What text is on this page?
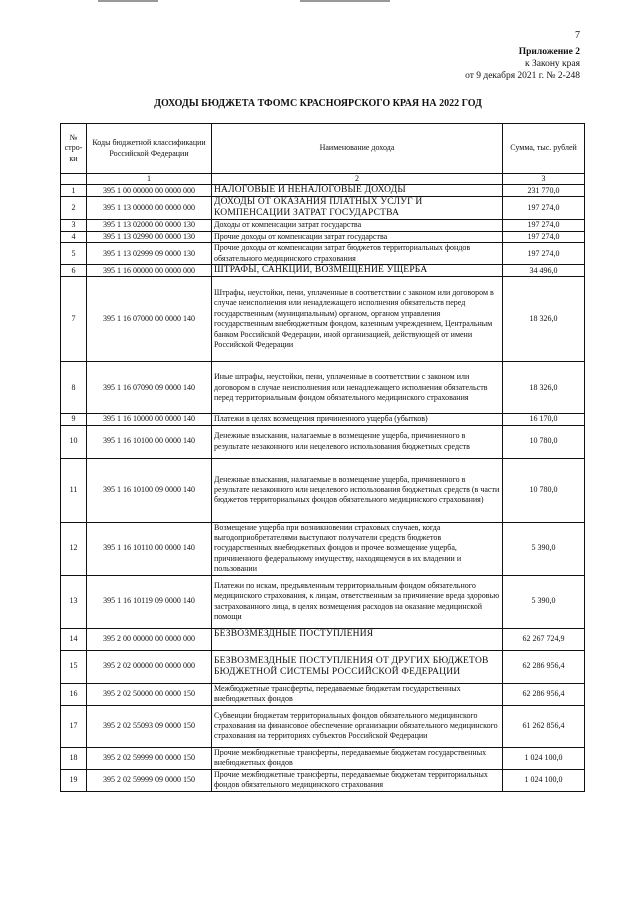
7
Приложение 2
к Закону края
от 9 декабря 2021 г. № 2-248
ДОХОДЫ БЮДЖЕТА ТФОМС КРАСНОЯРСКОГО КРАЯ НА 2022 ГОД
№ стро-ки	Коды бюджетной классификации Российской Федерации	Наименование дохода	Сумма, тыс. рублей
	1	2	3
1	395 1 00 00000 00 0000 000	НАЛОГОВЫЕ И НЕНАЛОГОВЫЕ ДОХОДЫ	231 770,0
2	395 1 13 00000 00 0000 000	ДОХОДЫ ОТ ОКАЗАНИЯ ПЛАТНЫХ УСЛУГ И КОМПЕНСАЦИИ ЗАТРАТ ГОСУДАРСТВА	197 274,0
3	395 1 13 02000 00 0000 130	Доходы от компенсации затрат государства	197 274,0
4	395 1 13 02990 00 0000 130	Прочие доходы от компенсации затрат государства	197 274,0
5	395 1 13 02999 09 0000 130	Прочие доходы от компенсации затрат бюджетов территориальных фондов обязательного медицинского страхования	197 274,0
6	395 1 16 00000 00 0000 000	ШТРАФЫ, САНКЦИИ, ВОЗМЕЩЕНИЕ УЩЕРБА	34 496,0
7	395 1 16 07000 00 0000 140	Штрафы, неустойки, пени, уплаченные в соответствии с законом или договором в случае неисполнения или ненадлежащего исполнения обязательств перед государственным (муниципальным) органом, органом управления государственным внебюджетным фондом, казенным учреждением, Центральным банком Российской Федерации, иной организацией, действующей от имени Российской Федерации	18 326,0
8	395 1 16 07090 09 0000 140	Иные штрафы, неустойки, пени, уплаченные в соответствии с законом или договором в случае неисполнения или ненадлежащего исполнения обязательств перед территориальным фондом обязательного медицинского страхования	18 326,0
9	395 1 16 10000 00 0000 140	Платежи в целях возмещения причиненного ущерба (убытков)	16 170,0
10	395 1 16 10100 00 0000 140	Денежные взыскания, налагаемые в возмещение ущерба, причиненного в результате незаконного или нецелевого использования бюджетных средств	10 780,0
11	395 1 16 10100 09 0000 140	Денежные взыскания, налагаемые в возмещение ущерба, причиненного в результате незаконного или нецелевого использования бюджетных средств (в части бюджетов территориальных фондов обязательного медицинского страхования)	10 780,0
12	395 1 16 10110 00 0000 140	Возмещение ущерба при возникновении страховых случаев, когда выгодоприобретателями выступают получатели средств бюджетов государственных внебюджетных фондов и прочее возмещение ущерба, причиненного федеральному имуществу, находящемуся в их владении и пользовании	5 390,0
13	395 1 16 10119 09 0000 140	Платежи по искам, предъявленным территориальным фондом обязательного медицинского страхования, к лицам, ответственным за причинение вреда здоровью застрахованного лица, в целях возмещения расходов на оказание медицинской помощи	5 390,0
14	395 2 00 00000 00 0000 000	БЕЗВОЗМЕЗДНЫЕ ПОСТУПЛЕНИЯ	62 267 724,9
15	395 2 02 00000 00 0000 000	БЕЗВОЗМЕЗДНЫЕ ПОСТУПЛЕНИЯ ОТ ДРУГИХ БЮДЖЕТОВ БЮДЖЕТНОЙ СИСТЕМЫ РОССИЙСКОЙ ФЕДЕРАЦИИ	62 286 956,4
16	395 2 02 50000 00 0000 150	Межбюджетные трансферты, передаваемые бюджетам государственных внебюджетных фондов	62 286 956,4
17	395 2 02 55093 09 0000 150	Субвенции бюджетам территориальных фондов обязательного медицинского страхования на финансовое обеспечение организации обязательного медицинского страхования на территориях субъектов Российской Федерации	61 262 856,4
18	395 2 02 59999 00 0000 150	Прочие межбюджетные трансферты, передаваемые бюджетам государственных внебюджетных фондов	1 024 100,0
19	395 2 02 59999 09 0000 150	Прочие межбюджетные трансферты, передаваемые бюджетам территориальных фондов обязательного медицинского страхования	1 024 100,0
